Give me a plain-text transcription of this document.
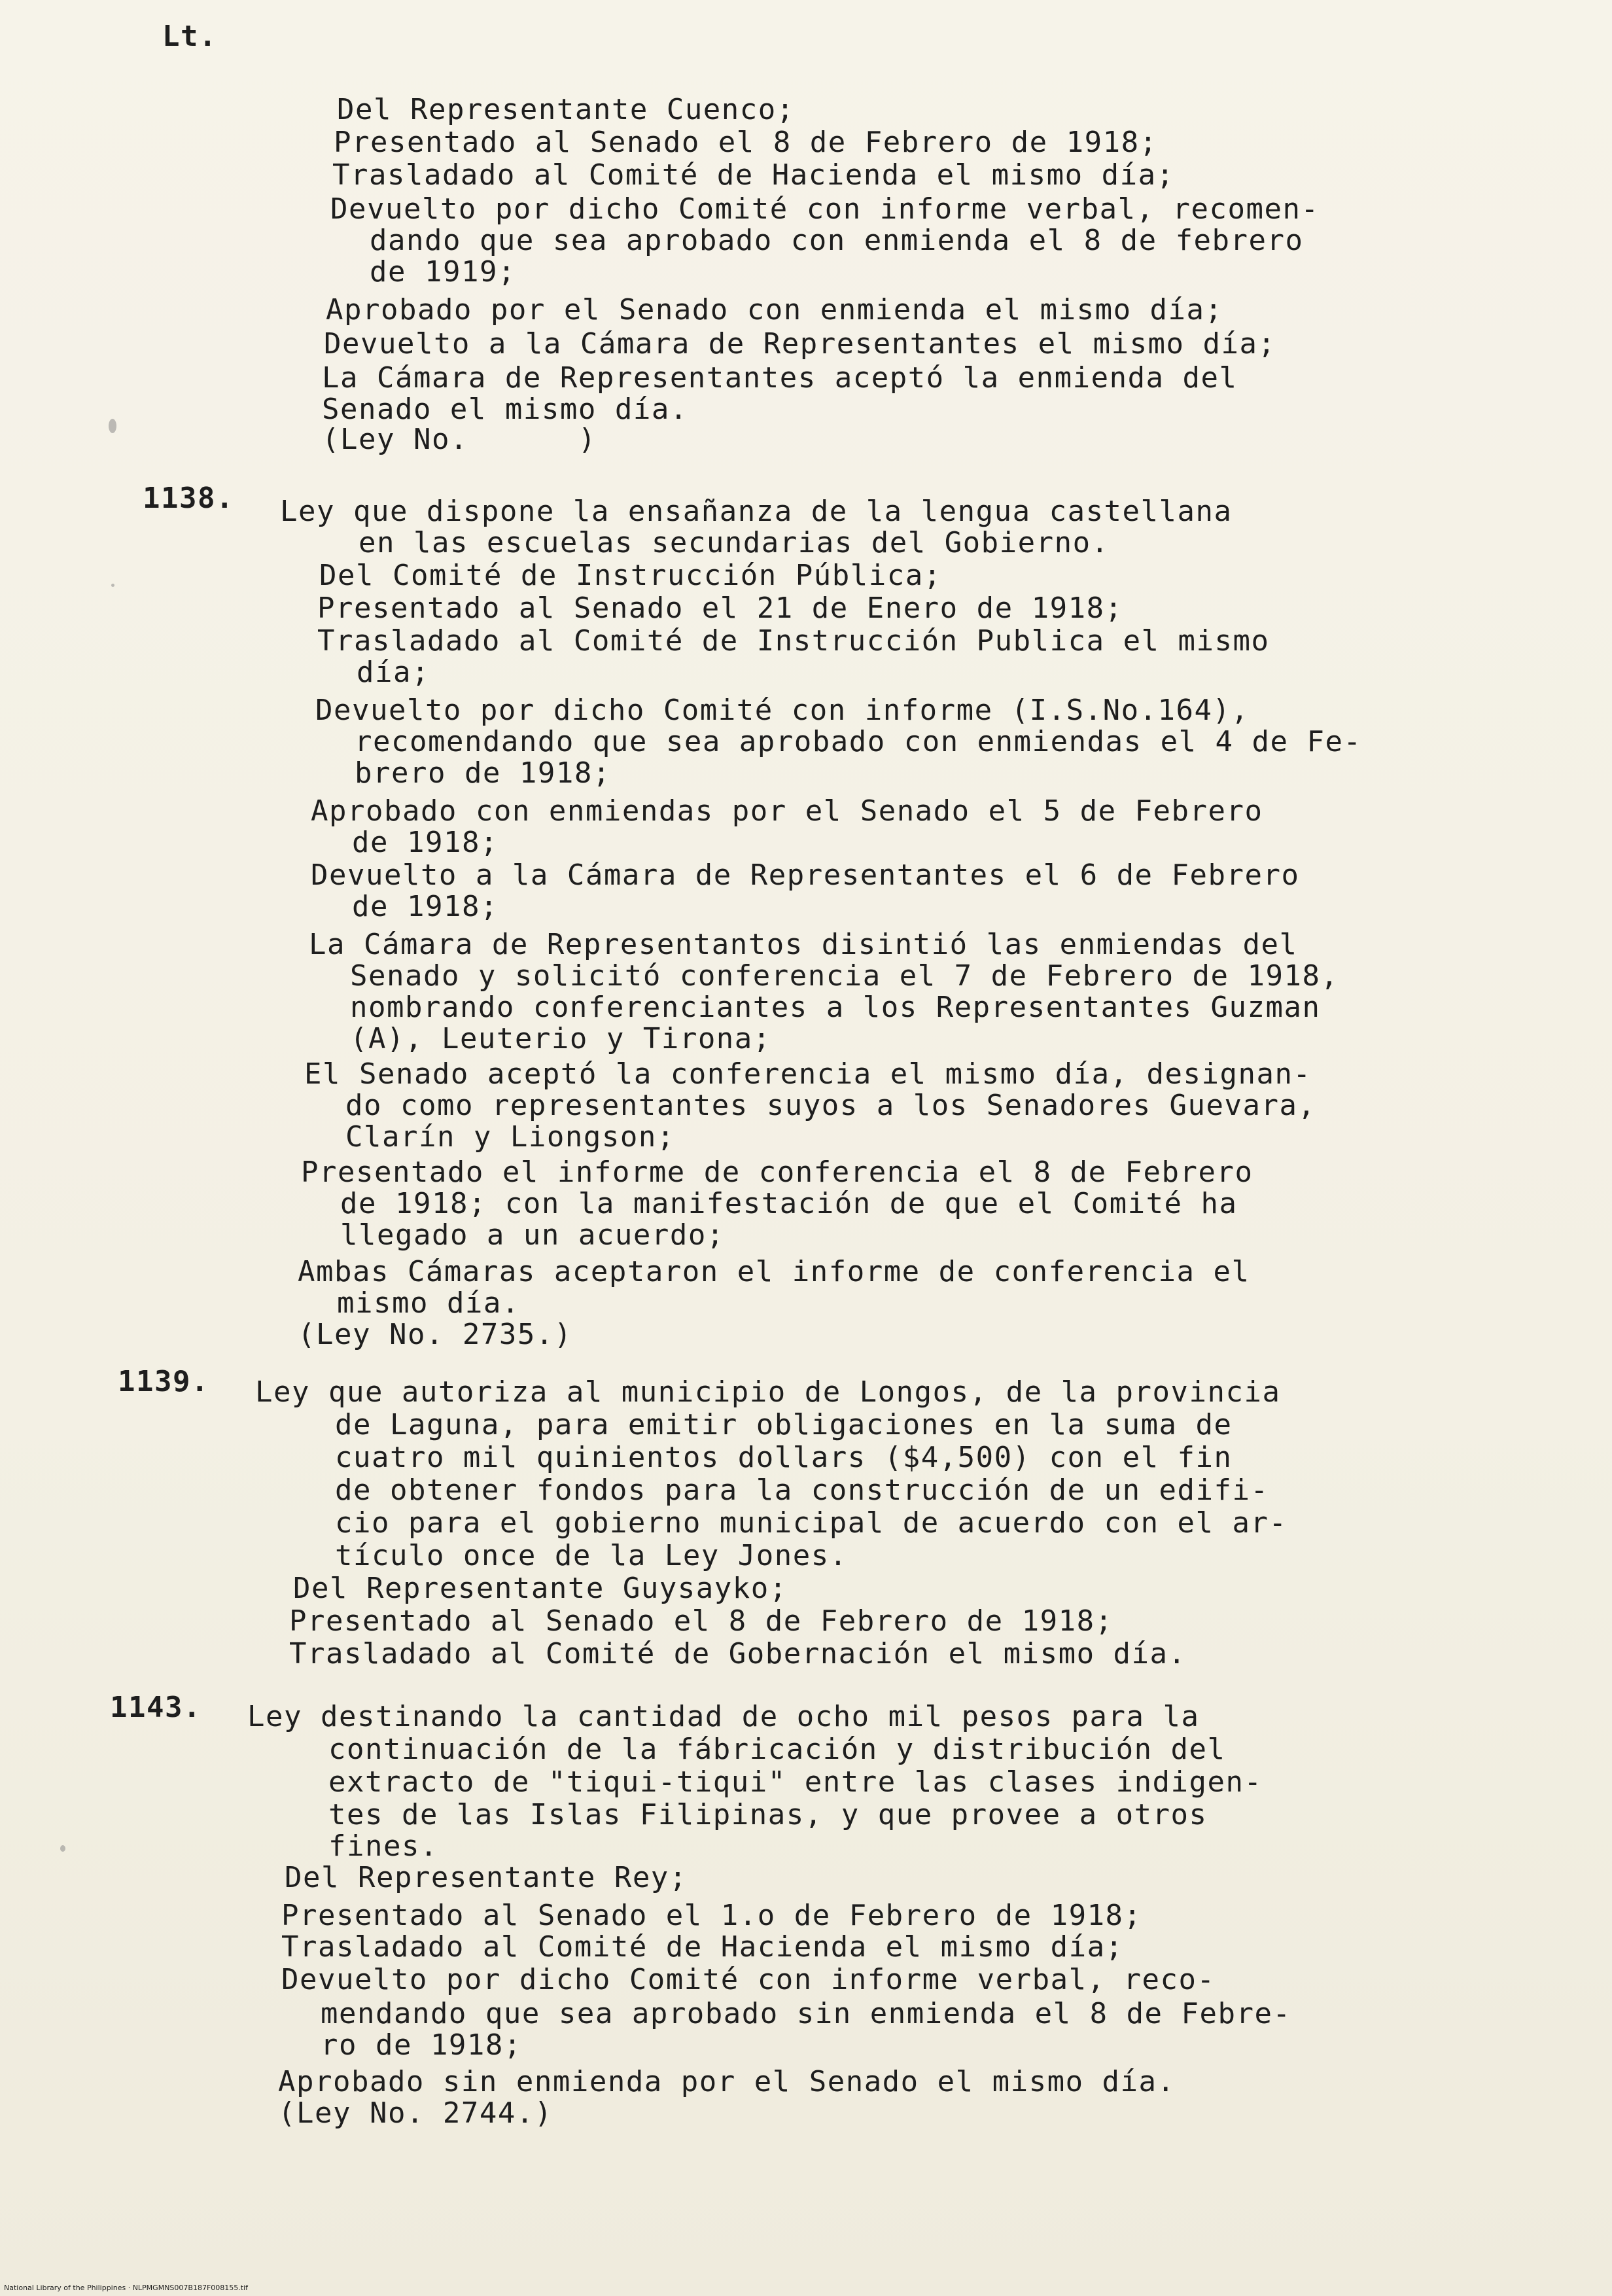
Lt.
Del Representante Cuenco;
Presentado al Senado el 8 de Febrero de 1918;
Trasladado al Comité de Hacienda el mismo día;
Devuelto por dicho Comité con informe verbal, recomen-
dando que sea aprobado con enmienda el 8 de febrero
de 1919;
Aprobado por el Senado con enmienda el mismo día;
Devuelto a la Cámara de Representantes el mismo día;
La Cámara de Representantes aceptó la enmienda del
Senado el mismo día.
(Ley No.      )
1138. Ley que dispone la ensañanza de la lengua castellana
en las escuelas secundarias del Gobierno.
Del Comité de Instrucción Pública;
Presentado al Senado el 21 de Enero de 1918;
Trasladado al Comité de Instrucción Publica el mismo
día;
Devuelto por dicho Comité con informe (I.S.No.164),
recomendando que sea aprobado con enmiendas el 4 de Fe-
brero de 1918;
Aprobado con enmiendas por el Senado el 5 de Febrero
de 1918;
Devuelto a la Cámara de Representantes el 6 de Febrero
de 1918;
La Cámara de Representantos disintió las enmiendas del
Senado y solicitó conferencia el 7 de Febrero de 1918,
nombrando conferenciantes a los Representantes Guzman
(A), Leuterio y Tirona;
El Senado aceptó la conferencia el mismo día, designan-
do como representantes suyos a los Senadores Guevara,
Clarín y Liongson;
Presentado el informe de conferencia el 8 de Febrero
de 1918; con la manifestación de que el Comité ha
llegado a un acuerdo;
Ambas Cámaras aceptaron el informe de conferencia el
mismo día.
(Ley No. 2735.)
1139. Ley que autoriza al municipio de Longos, de la provincia
de Laguna, para emitir obligaciones en la suma de
cuatro mil quinientos dollars ($4,500) con el fin
de obtener fondos para la construcción de un edifi-
cio para el gobierno municipal de acuerdo con el ar-
tículo once de la Ley Jones.
Del Representante Guysayko;
Presentado al Senado el 8 de Febrero de 1918;
Trasladado al Comité de Gobernación el mismo día.
1143. Ley destinando la cantidad de ocho mil pesos para la
continuación de la fábricación y distribución del
extracto de "tiqui-tiqui" entre las clases indigen-
tes de las Islas Filipinas, y que provee a otros
fines.
Del Representante Rey;
Presentado al Senado el 1.o de Febrero de 1918;
Trasladado al Comité de Hacienda el mismo día;
Devuelto por dicho Comité con informe verbal, reco-
mendando que sea aprobado sin enmienda el 8 de Febre-
ro de 1918;
Aprobado sin enmienda por el Senado el mismo día.
(Ley No. 2744.)
National Library of the Philippines · NLPMGMNS007B187F008155.tif
